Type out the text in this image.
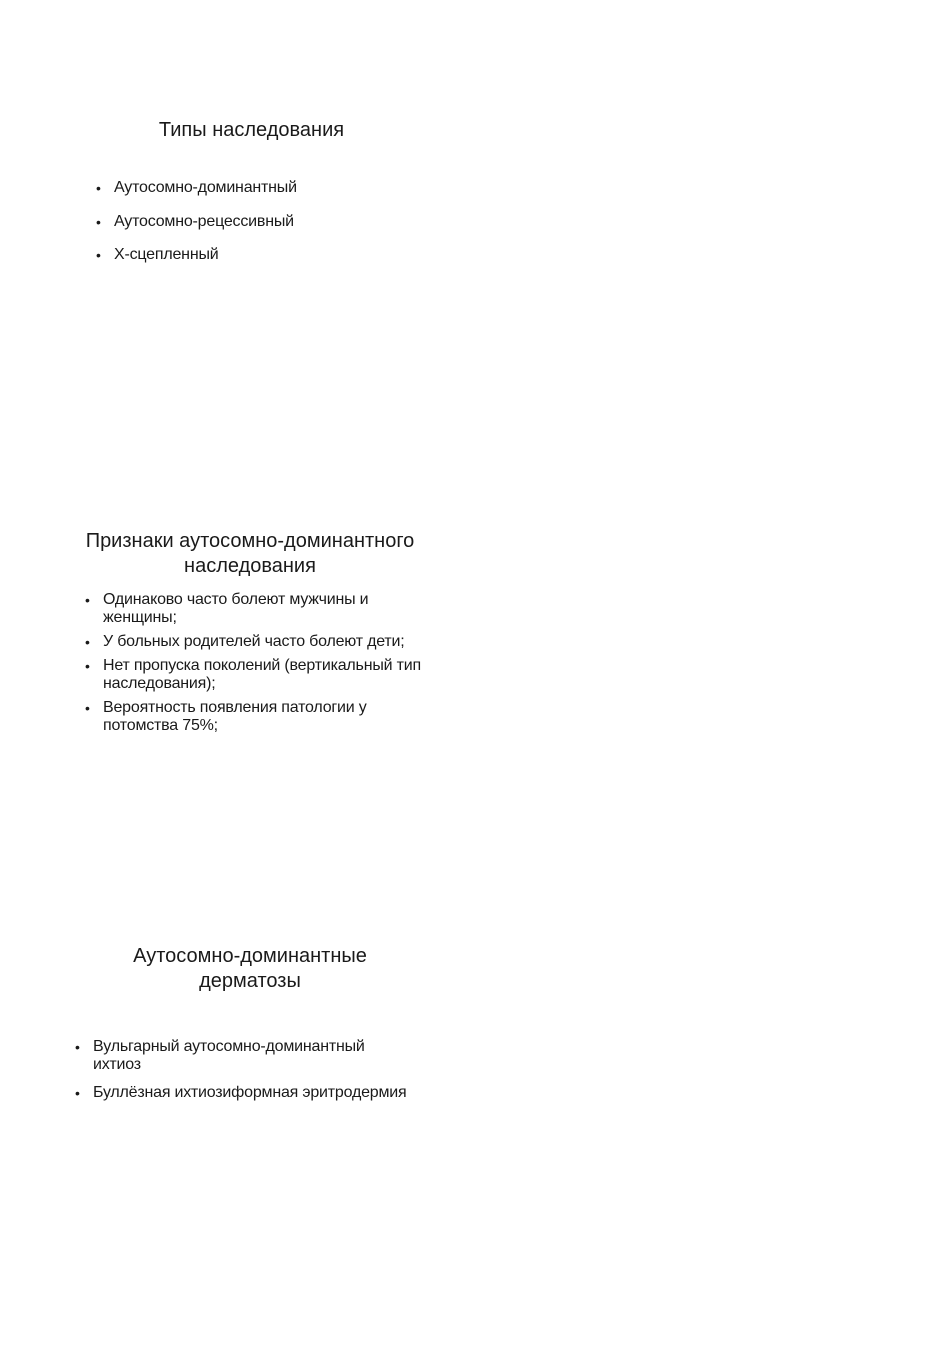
Типы наследования
• Аутосомно-доминантный
• Аутосомно-рецессивный
• Х-сцепленный
Признаки аутосомно-доминантного
наследования
• Одинаково часто болеют мужчины и женщины;
• У больных родителей часто болеют дети;
• Нет пропуска поколений (вертикальный тип наследования);
• Вероятность появления патологии у потомства 75%;
Аутосомно-доминантные
дерматозы
• Вульгарный аутосомно-доминантный ихтиоз
• Буллёзная ихтиозиформная эритродермия
